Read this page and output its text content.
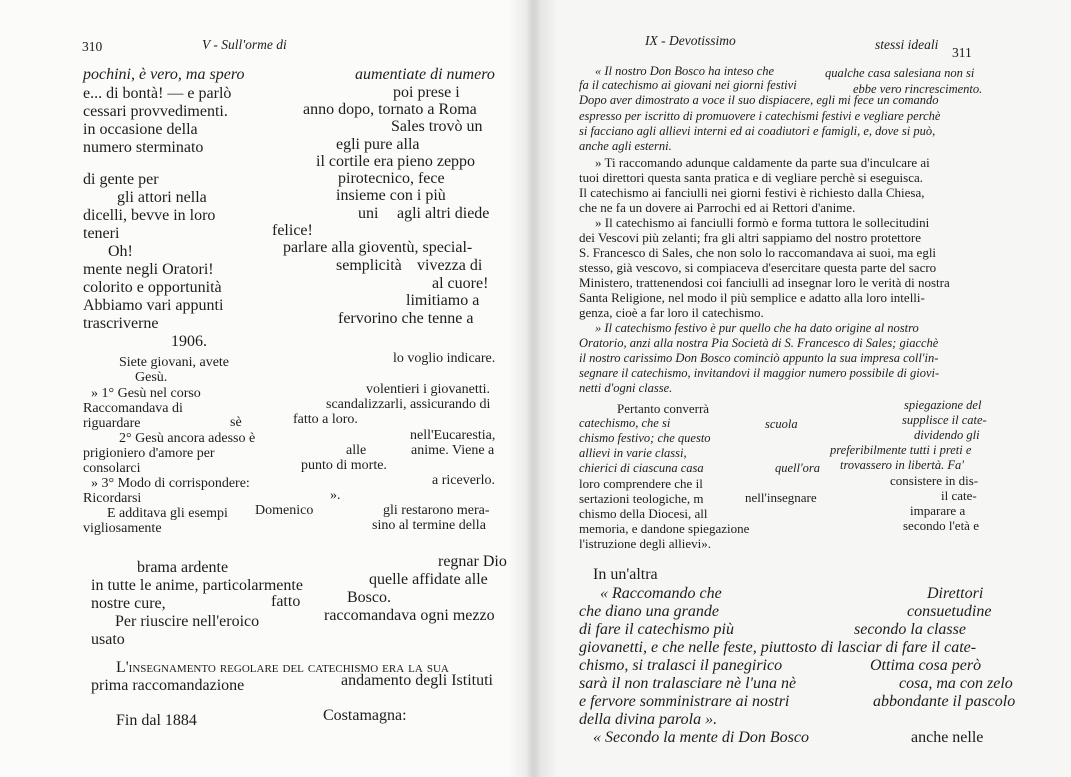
310	V - Sull'orme di
pochini, è vero, ma spero	aumentiate di numero
e... di bontà! — e parlò	poi prese i
cessari provvedimenti.	anno dopo, tornato a Roma
in occasione della	Sales trovò un
numero sterminato	egli pure alla
il cortile era pieno zeppo
di gente per	pirotecnico, fece
gli attori nella	insieme con i più
dicelli, bevve in loro	uni agli altri diede
teneri	felice!
Oh!	parlare alla gioventù, special-
mente negli Oratori!	semplicità vivezza di
colorito e opportunità	al cuore!
Abbiamo vari appunti	limitiamo a
trascriverne	fervorino che tenne a
1906.
Siete giovani, avete	lo voglio indicare.
Gesù.
» 1° Gesù nel corso	volentieri i giovanetti.
Raccomandava di	scandalizzarli, assicurando di
riguardare	sè	fatto a loro.
2° Gesù ancora adesso è	nell'Eucarestia,
prigioniero d'amore per	alle	anime. Viene a
consolarci	punto di morte.
» 3° Modo di corrispondere:	a riceverlo.
Ricordarsi	».
E additava gli esempi Domenico	gli restarono mera-
vigliosamente	sino al termine della
brama ardente	regnar Dio
in tutte le anime, particolarmente	quelle affidate alle
nostre cure,	fatto	Bosco.
Per riuscire nell'eroico	raccomandava ogni mezzo
usato
L'insegnamento regolare del catechismo era la sua
prima raccomandazione	andamento degli Istituti
Fin dal 1884	Costamagna:
IX - Devotissimo	stessi ideali
311
« Il nostro Don Bosco ha inteso che	qualche casa salesiana non si
fa il catechismo ai giovani nei giorni festivi	ebbe vero rincrescimento.
Dopo aver dimostrato a voce il suo dispiacere, egli mi fece un comando
espresso per iscritto di promuovere i catechismi festivi e vegliare perchè
si facciano agli allievi interni ed ai coadiutori e famigli, e, dove si può,
anche agli esterni.
» Ti raccomando adunque caldamente da parte sua d'inculcare ai
tuoi direttori questa santa pratica e di vegliare perchè si eseguisca.
Il catechismo ai fanciulli nei giorni festivi è richiesto dalla Chiesa,
che ne fa un dovere ai Parrochi ed ai Rettori d'anime.
» Il catechismo ai fanciulli formò e forma tuttora le sollecitudini
dei Vescovi più zelanti; fra gli altri sappiamo del nostro protettore
S. Francesco di Sales, che non solo lo raccomandava ai suoi, ma egli
stesso, già vescovo, si compiaceva d'esercitare questa parte del sacro
Ministero, trattenendosi coi fanciulli ad insegnar loro le verità di nostra
Santa Religione, nel modo il più semplice e adatto alla loro intelli-
genza, cioè a far loro il catechismo.
» Il catechismo festivo è pur quello che ha dato origine al nostro
Oratorio, anzi alla nostra Pia Società di S. Francesco di Sales; giacchè
il nostro carissimo Don Bosco cominciò appunto la sua impresa coll'in-
segnare il catechismo, invitandovi il maggior numero possibile di giovi-
netti d'ogni classe.
Pertanto converrà	spiegazione del
catechismo, che si	scuola	supplisce il cate-
chismo festivo; che questo	dividendo gli
allievi in varie classi,	preferibilmente tutti i preti e
chierici di ciascuna casa	quell'ora trovassero in libertà. Fa'
loro comprendere che il	consistere in dis-
sertazioni teologiche, m	nell'insegnare	il cate-
chismo della Diocesi, all	imparare a
memoria, e dandone spiegazione	secondo l'età e
l'istruzione degli allievi».
In un'altra
« Raccomando che	Direttori
che diano una grande	consuetudine
di fare il catechismo più	secondo la classe
giovanetti, e che nelle feste, piuttosto di lasciar di fare il cate-
chismo, si tralasci il panegirico	Ottima cosa però
sarà il non tralasciare nè l'una nè	cosa, ma con zelo
e fervore somministrare ai nostri	abbondante il pascolo
della divina parola ».
« Secondo la mente di Don Bosco	anche nelle
